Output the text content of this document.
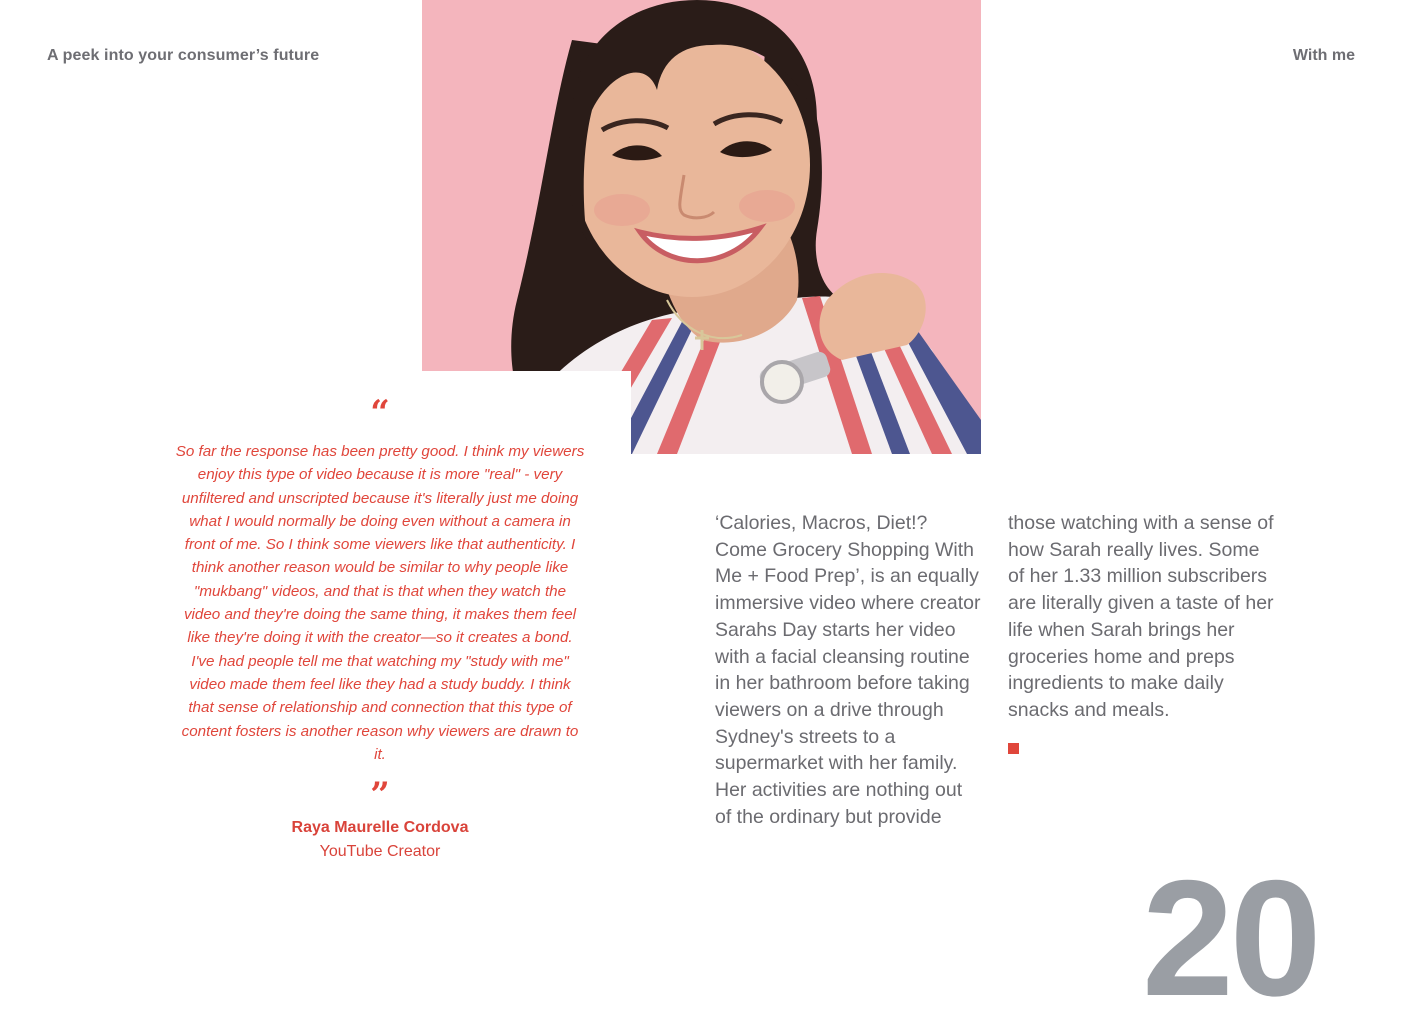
A peek into your consumer’s future	With me
“
So far the response has been pretty good. I think my viewers enjoy this type of video because it is more "real" - very unfiltered and unscripted because it's literally just me doing what I would normally be doing even without a camera in front of me. So I think some viewers like that authenticity. I think another reason would be similar to why people like "mukbang" videos, and that is that when they watch the video and they're doing the same thing, it makes them feel like they're doing it with the creator—so it creates a bond. I've had people tell me that watching my "study with me" video made them feel like they had a study buddy. I think that sense of relationship and connection that this type of content fosters is another reason why viewers are drawn to it.
”
Raya Maurelle Cordova
YouTube Creator
‘Calories, Macros, Diet!? Come Grocery Shopping With Me + Food Prep’, is an equally immersive video where creator Sarahs Day starts her video with a facial cleansing routine in her bathroom before taking viewers on a drive through Sydney's streets to a supermarket with her family. Her activities are nothing out of the ordinary but provide
those watching with a sense of how Sarah really lives. Some of her 1.33 million subscribers are literally given a taste of her life when Sarah brings her groceries home and preps ingredients to make daily snacks and meals.
20
